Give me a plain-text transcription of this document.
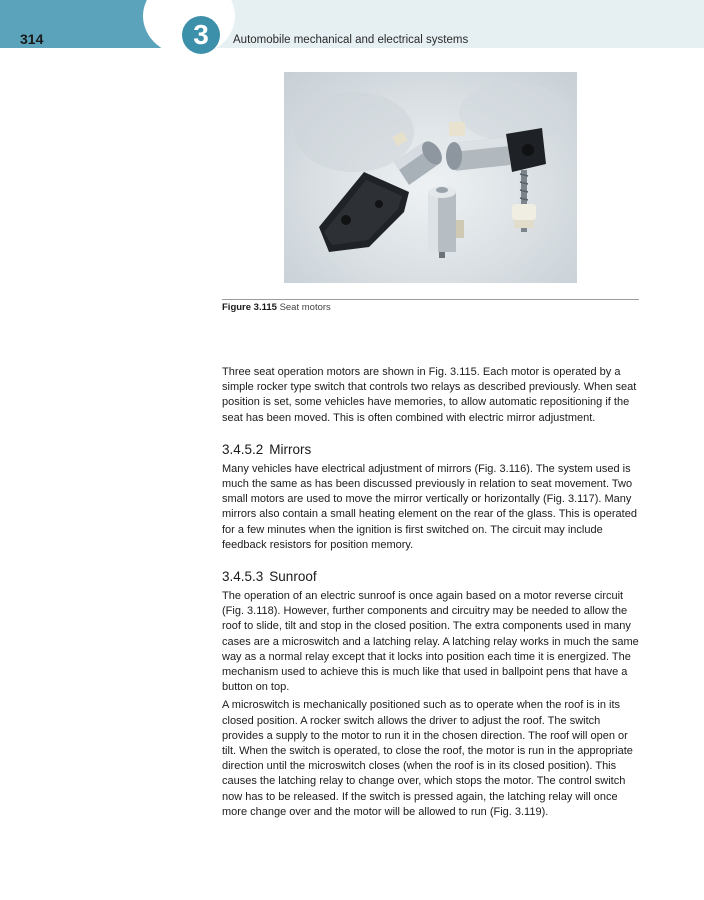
314	3	Automobile mechanical and electrical systems
Figure 3.115 Seat motors

Three seat operation motors are shown in Fig. 3.115. Each motor is operated by a simple rocker type switch that controls two relays as described previously. When seat position is set, some vehicles have memories, to allow automatic repositioning if the seat has been moved. This is often combined with electric mirror adjustment.

3.4.5.2 Mirrors

Many vehicles have electrical adjustment of mirrors (Fig. 3.116). The system used is much the same as has been discussed previously in relation to seat movement. Two small motors are used to move the mirror vertically or horizontally (Fig. 3.117). Many mirrors also contain a small heating element on the rear of the glass. This is operated for a few minutes when the ignition is first switched on. The circuit may include feedback resistors for position memory.

3.4.5.3 Sunroof

The operation of an electric sunroof is once again based on a motor reverse circuit (Fig. 3.118). However, further components and circuitry may be needed to allow the roof to slide, tilt and stop in the closed position. The extra components used in many cases are a microswitch and a latching relay. A latching relay works in much the same way as a normal relay except that it locks into position each time it is energized. The mechanism used to achieve this is much like that used in ballpoint pens that have a button on top.

A microswitch is mechanically positioned such as to operate when the roof is in its closed position. A rocker switch allows the driver to adjust the roof. The switch provides a supply to the motor to run it in the chosen direction. The roof will open or tilt. When the switch is operated, to close the roof, the motor is run in the appropriate direction until the microswitch closes (when the roof is in its closed position). This causes the latching relay to change over, which stops the motor. The control switch now has to be released. If the switch is pressed again, the latching relay will once more change over and the motor will be allowed to run (Fig. 3.119).
